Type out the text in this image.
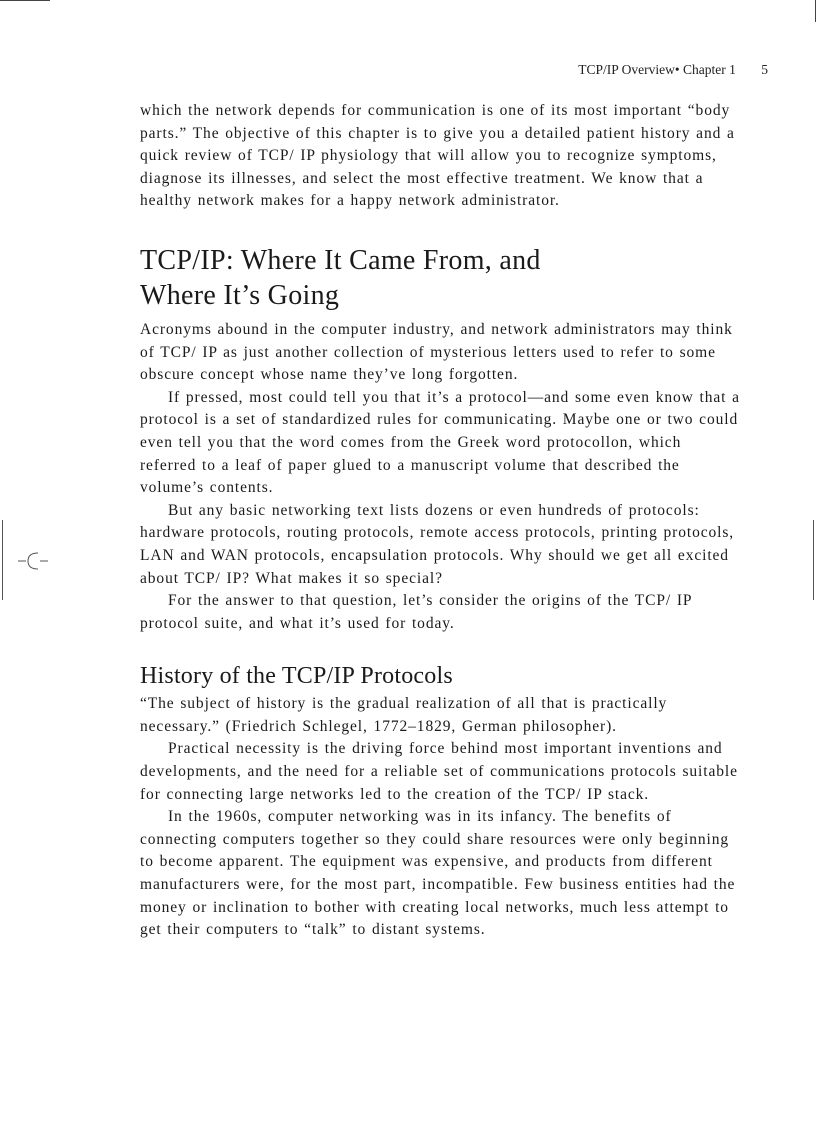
TCP/IP Overview• Chapter 1 5

which the network depends for communication is one of its most important “body parts.” The objective of this chapter is to give you a detailed patient history and a quick review of TCP/ IP physiology that will allow you to recognize symptoms, diagnose its illnesses, and select the most effective treatment. We know that a healthy network makes for a happy network administrator.

TCP/IP: Where It Came From, and
Where It’s Going

Acronyms abound in the computer industry, and network administrators may think of TCP/ IP as just another collection of mysterious letters used to refer to some obscure concept whose name they’ve long forgotten.

If pressed, most could tell you that it’s a protocol—and some even know that a protocol is a set of standardized rules for communicating. Maybe one or two could even tell you that the word comes from the Greek word protocollon, which referred to a leaf of paper glued to a manuscript volume that described the volume’s contents.

But any basic networking text lists dozens or even hundreds of protocols: hardware protocols, routing protocols, remote access protocols, printing protocols, LAN and WAN protocols, encapsulation protocols. Why should we get all excited about TCP/ IP? What makes it so special?

For the answer to that question, let’s consider the origins of the TCP/ IP protocol suite, and what it’s used for today.

History of the TCP/IP Protocols

“The subject of history is the gradual realization of all that is practically necessary.” (Friedrich Schlegel, 1772–1829, German philosopher).

Practical necessity is the driving force behind most important inventions and developments, and the need for a reliable set of communications protocols suitable for connecting large networks led to the creation of the TCP/ IP stack.

In the 1960s, computer networking was in its infancy. The benefits of connecting computers together so they could share resources were only beginning to become apparent. The equipment was expensive, and products from different manufacturers were, for the most part, incompatible. Few business entities had the money or inclination to bother with creating local networks, much less attempt to get their computers to “talk” to distant systems.
